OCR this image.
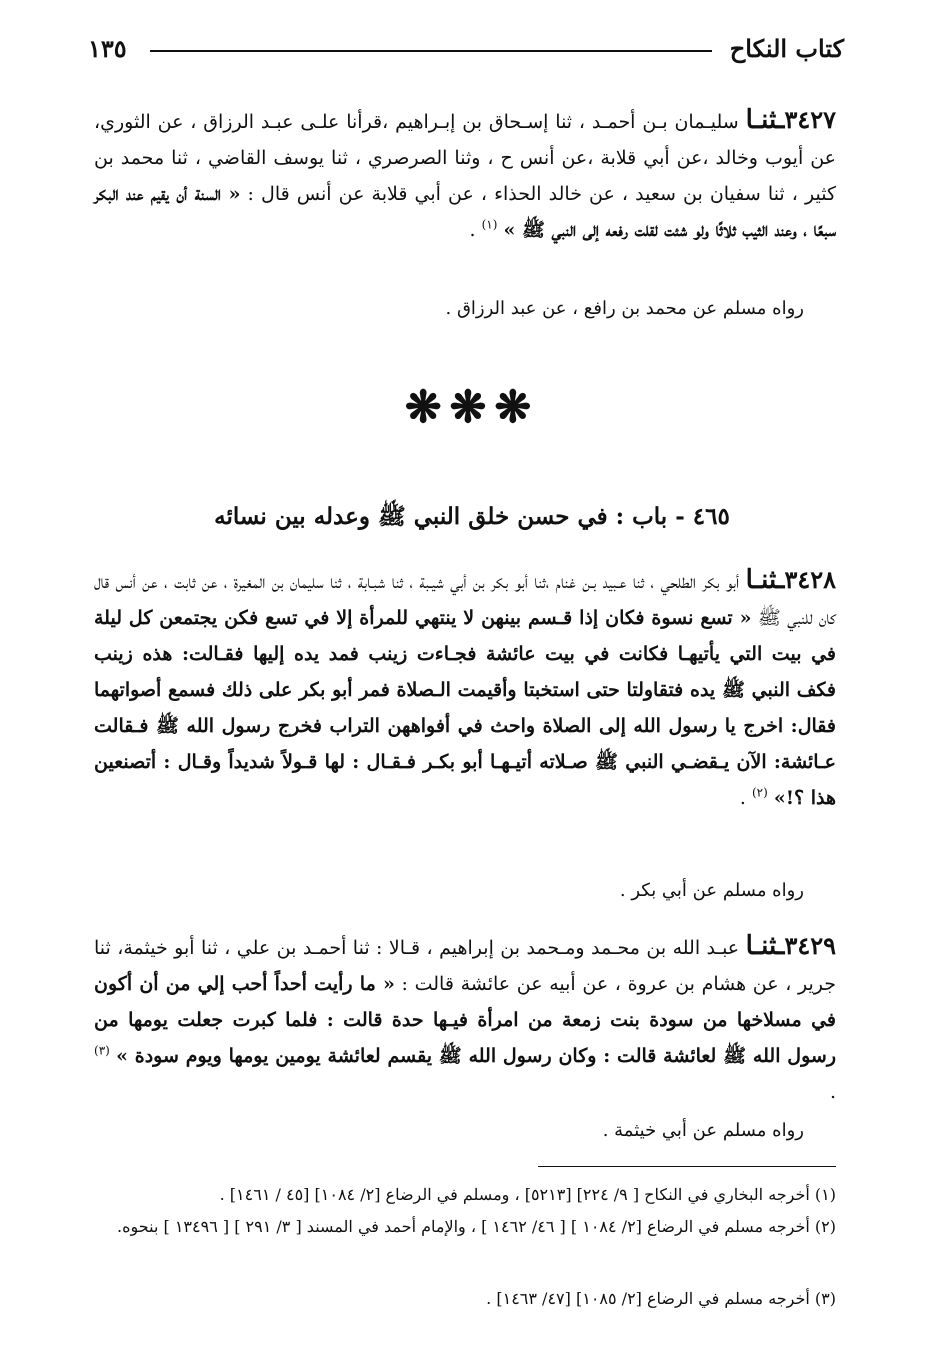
كتاب النكاح
١٣٥
٣٤٢٧ـثنـا سليـمان بـن أحمـد ، ثنا إسـحاق بن إبـراهيم ،قرأنا علـى عبـد الرزاق ، عن الثوري، عن أيوب وخالد ،عن أبي قلابة ،عن أنس ح ، وثنا الصرصري ، ثنا يوسف القاضي ، ثنا محمد بن كثير ، ثنا سفيان بن سعيد ، عن خالد الحذاء ، عن أبي قلابة عن أنس قال : « السنة أن يقيم عند البكر سبعًا ، وعند الثيب ثلاثًا ولو شئت لقلت رفعه إلى النبي ﷺ » $^{(١)}$ .
رواه مسلم عن محمد بن رافع ، عن عبد الرزاق .
❋❋❋
٤٦٥ - باب : في حسن خلق النبي ﷺ وعدله بين نسائه
٣٤٢٨ـثنـا أبو بكر الطلحي ، ثنا عـبيد بـن غنام ،ثنا أبو بكر بن أبي شيـبة ، ثنا شبـابة ، ثنا سليمان بن المغيرة ، عن ثابت ، عن أنس قال كان للنبي ﷺ « تسع نسوة فكان إذا قـسم بينهن لا ينتهي للمرأة إلا في تسع فكن يجتمعن كل ليلة في بيت التي يأتيهـا فكانت في بيت عائشة فجـاءت زينب فمد يده إليها فقـالت: هذه زينب فكف النبي ﷺ يده فتقاولتا حتى استخبتا وأقيمت الـصلاة فمر أبو بكر على ذلك فسمع أصواتهما فقال: اخرج يا رسول الله إلى الصلاة واحث في أفواههن التراب فخرج رسول الله ﷺ فـقالت عـائشة: الآن يـقضـي النبي ﷺ صـلاته أتيـهـا أبو بكـر فـقـال : لها قـولاً شديداً وقـال : أتصنعين هذا ؟!» $^{(٢)}$ .
رواه مسلم عن أبي بكر .
٣٤٢٩ـثنـا عبـد الله بن محـمد ومـحمد بن إبراهيم ، قـالا : ثنا أحمـد بن علي ، ثنا أبو خيثمة، ثنا جرير ، عن هشام بن عروة ، عن أبيه عن عائشة قالت : « ما رأيت أحداً أحب إلي من أن أكون في مسلاخها من سودة بنت زمعة من امرأة فيـها حدة قالت : فلما كبرت جعلت يومها من رسول الله ﷺ لعائشة قالت : وكان رسول الله ﷺ يقسم لعائشة يومين يومها ويوم سودة » $^{(٣)}$ .
رواه مسلم عن أبي خيثمة .
(١) أخرجه البخاري في النكاح [ ٩/ ٢٢٤] [٥٢١٣] ، ومسلم في الرضاع [٢/ ١٠٨٤] [٤٥ / ١٤٦١] .
(٢) أخرجه مسلم في الرضاع [٢/ ١٠٨٤ ] [ ٤٦/ ١٤٦٢ ] ، والإمام أحمد في المسند [ ٣/ ٢٩١ ] [ ١٣٤٩٦ ] بنحوه.
(٣) أخرجه مسلم في الرضاع [٢/ ١٠٨٥] [٤٧/ ١٤٦٣] .
